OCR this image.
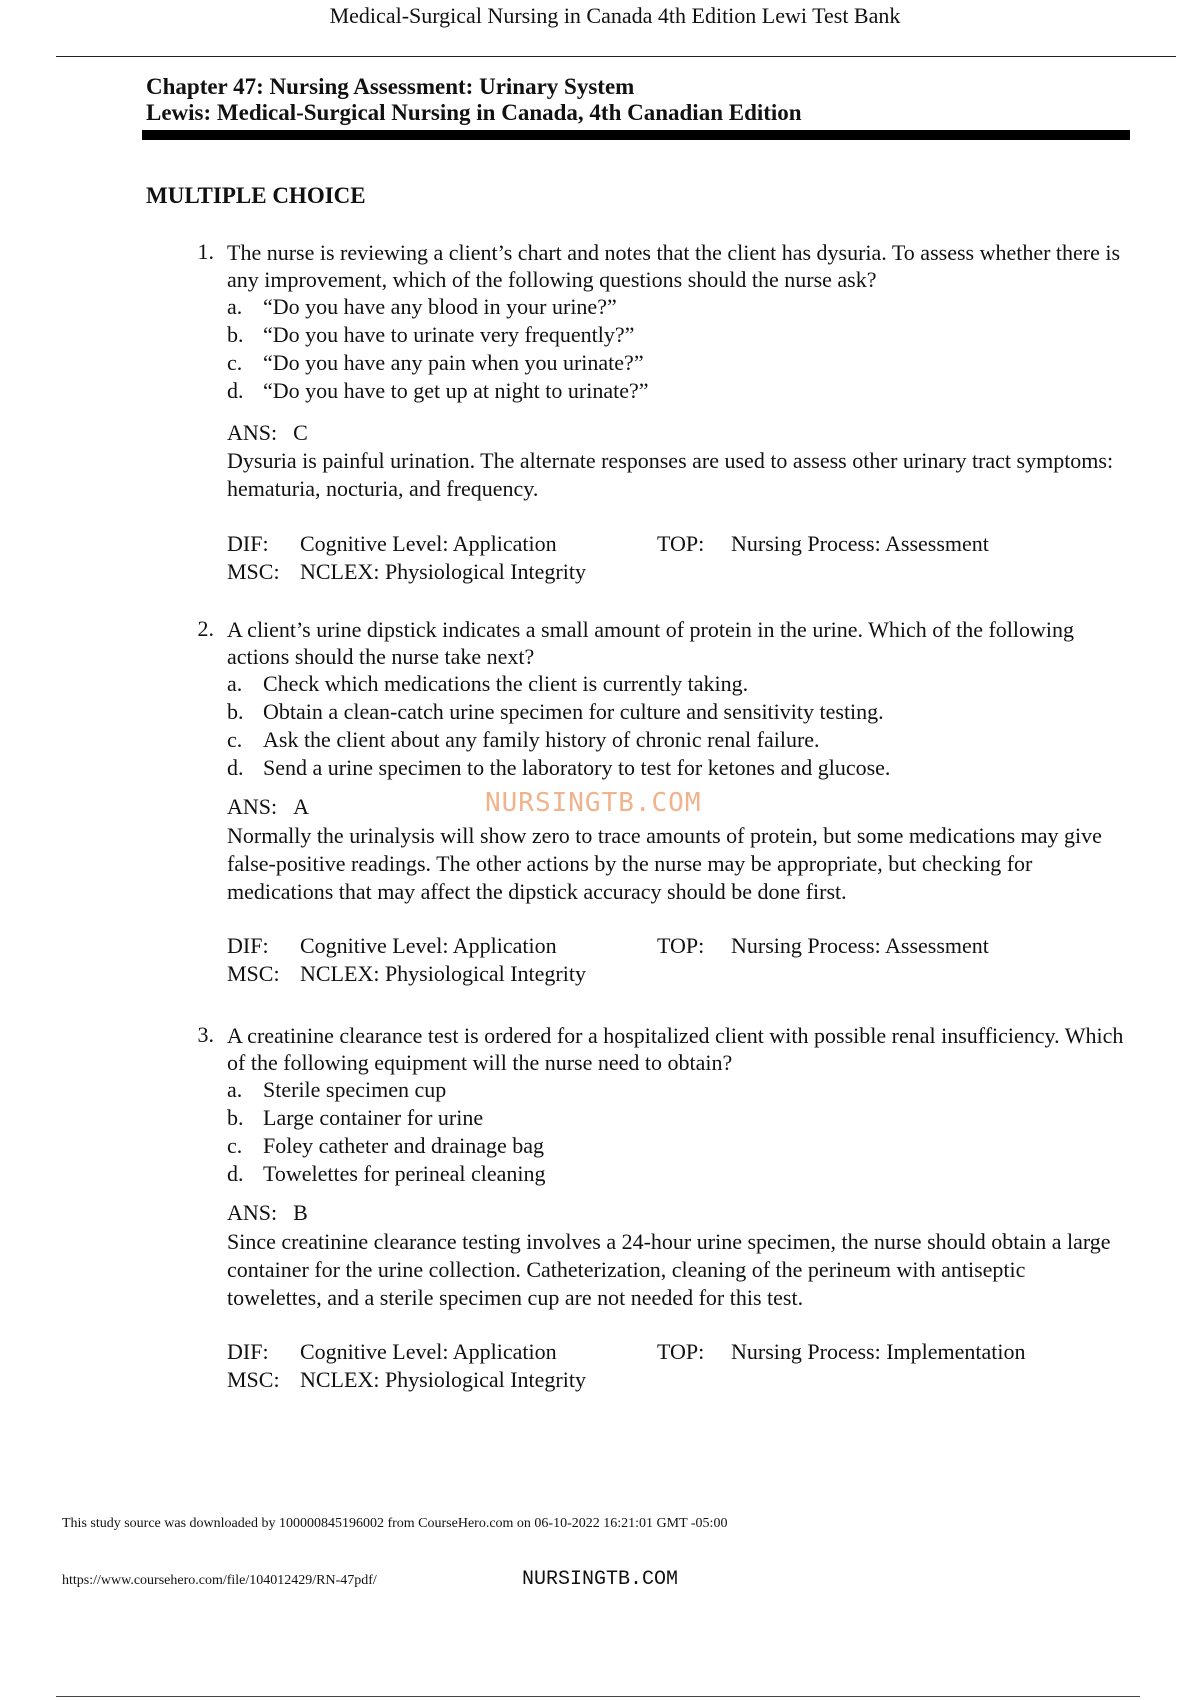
Medical-Surgical Nursing in Canada 4th Edition Lewi Test Bank
Chapter 47: Nursing Assessment: Urinary System
Lewis: Medical-Surgical Nursing in Canada, 4th Canadian Edition
MULTIPLE CHOICE
1. The nurse is reviewing a client’s chart and notes that the client has dysuria. To assess whether there is any improvement, which of the following questions should the nurse ask?
a. “Do you have any blood in your urine?”
b. “Do you have to urinate very frequently?”
c. “Do you have any pain when you urinate?”
d. “Do you have to get up at night to urinate?”
ANS: C
Dysuria is painful urination. The alternate responses are used to assess other urinary tract symptoms: hematuria, nocturia, and frequency.
DIF: Cognitive Level: Application	TOP: Nursing Process: Assessment
MSC: NCLEX: Physiological Integrity
2. A client’s urine dipstick indicates a small amount of protein in the urine. Which of the following actions should the nurse take next?
a. Check which medications the client is currently taking.
b. Obtain a clean-catch urine specimen for culture and sensitivity testing.
c. Ask the client about any family history of chronic renal failure.
d. Send a urine specimen to the laboratory to test for ketones and glucose.
ANS: A
Normally the urinalysis will show zero to trace amounts of protein, but some medications may give false-positive readings. The other actions by the nurse may be appropriate, but checking for medications that may affect the dipstick accuracy should be done first.
DIF: Cognitive Level: Application	TOP: Nursing Process: Assessment
MSC: NCLEX: Physiological Integrity
3. A creatinine clearance test is ordered for a hospitalized client with possible renal insufficiency. Which of the following equipment will the nurse need to obtain?
a. Sterile specimen cup
b. Large container for urine
c. Foley catheter and drainage bag
d. Towelettes for perineal cleaning
ANS: B
Since creatinine clearance testing involves a 24-hour urine specimen, the nurse should obtain a large container for the urine collection. Catheterization, cleaning of the perineum with antiseptic towelettes, and a sterile specimen cup are not needed for this test.
DIF: Cognitive Level: Application	TOP: Nursing Process: Implementation
MSC: NCLEX: Physiological Integrity
NURSINGTB.COM
This study source was downloaded by 100000845196002 from CourseHero.com on 06-10-2022 16:21:01 GMT -05:00
https://www.coursehero.com/file/104012429/RN-47pdf/	NURSINGTB.COM
